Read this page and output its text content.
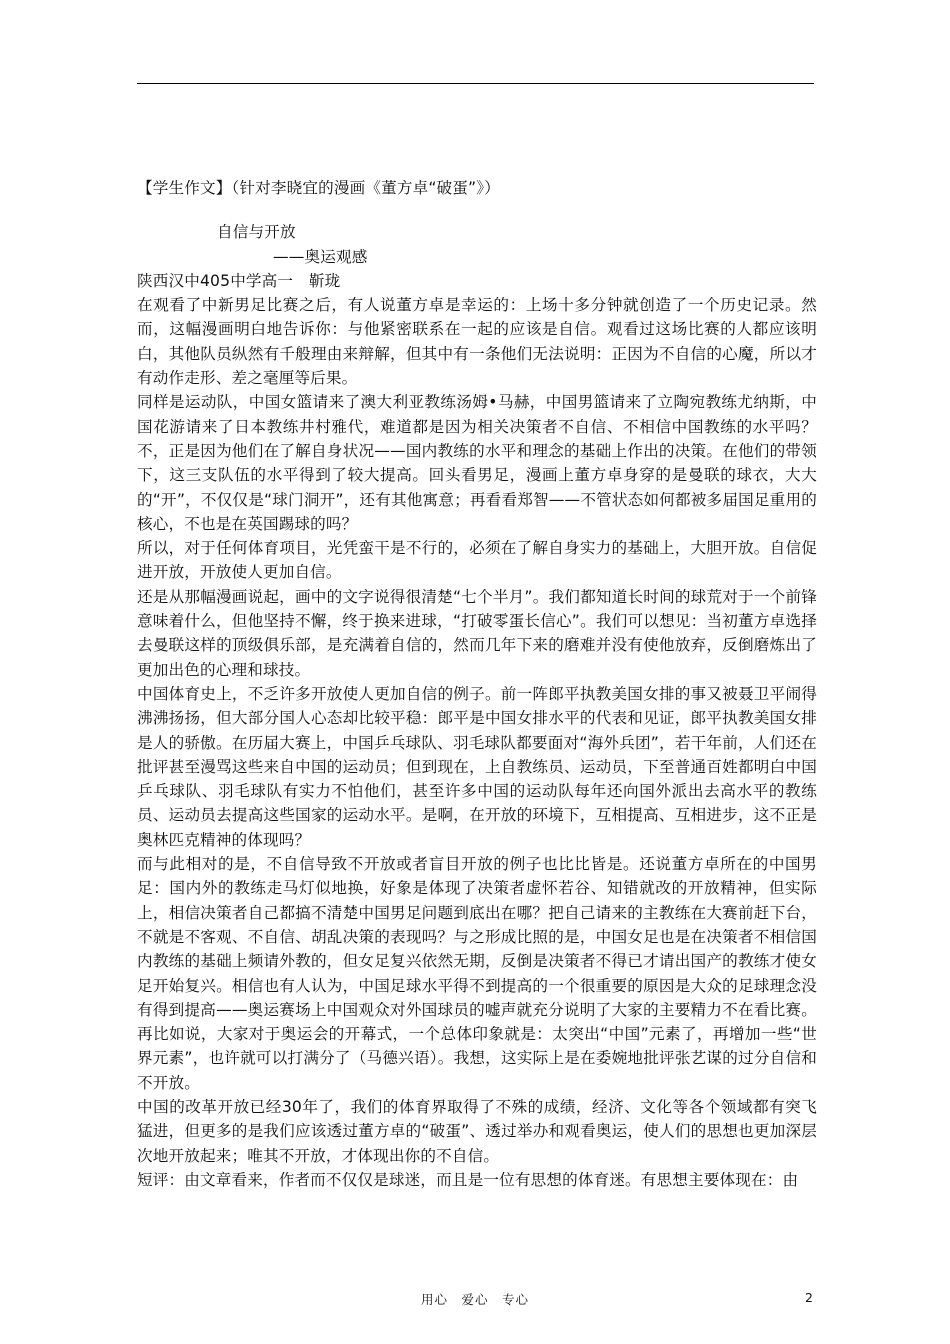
【学生作文】（针对李晓宜的漫画《董方卓“破蛋”》）

自信与开放

——奥运观感

陕西汉中405中学高一　靳珑

在观看了中新男足比赛之后，有人说董方卓是幸运的：上场十多分钟就创造了一个历史记录。然而，这幅漫画明白地告诉你：与他紧密联系在一起的应该是自信。观看过这场比赛的人都应该明白，其他队员纵然有千般理由来辩解，但其中有一条他们无法说明：正因为不自信的心魔，所以才有动作走形、差之毫厘等后果。

同样是运动队，中国女篮请来了澳大利亚教练汤姆•马赫，中国男篮请来了立陶宛教练尤纳斯，中国花游请来了日本教练井村雅代，难道都是因为相关决策者不自信、不相信中国教练的水平吗？不，正是因为他们在了解自身状况——国内教练的水平和理念的基础上作出的决策。在他们的带领下，这三支队伍的水平得到了较大提高。回头看男足，漫画上董方卓身穿的是曼联的球衣，大大的“开”，不仅仅是“球门洞开”，还有其他寓意；再看看郑智——不管状态如何都被多届国足重用的核心，不也是在英国踢球的吗？

所以，对于任何体育项目，光凭蛮干是不行的，必须在了解自身实力的基础上，大胆开放。自信促进开放，开放使人更加自信。

还是从那幅漫画说起，画中的文字说得很清楚“七个半月”。我们都知道长时间的球荒对于一个前锋意味着什么，但他坚持不懈，终于换来进球，“打破零蛋长信心”。我们可以想见：当初董方卓选择去曼联这样的顶级俱乐部，是充满着自信的，然而几年下来的磨难并没有使他放弃，反倒磨炼出了更加出色的心理和球技。

中国体育史上，不乏许多开放使人更加自信的例子。前一阵郎平执教美国女排的事又被聂卫平闹得沸沸扬扬，但大部分国人心态却比较平稳：郎平是中国女排水平的代表和见证，郎平执教美国女排是人的骄傲。在历届大赛上，中国乒乓球队、羽毛球队都要面对“海外兵团”，若干年前，人们还在批评甚至漫骂这些来自中国的运动员；但到现在，上自教练员、运动员，下至普通百姓都明白中国乒乓球队、羽毛球队有实力不怕他们，甚至许多中国的运动队每年还向国外派出去高水平的教练员、运动员去提高这些国家的运动水平。是啊，在开放的环境下，互相提高、互相进步，这不正是奥林匹克精神的体现吗？

而与此相对的是，不自信导致不开放或者盲目开放的例子也比比皆是。还说董方卓所在的中国男足：国内外的教练走马灯似地换，好象是体现了决策者虚怀若谷、知错就改的开放精神，但实际上，相信决策者自己都搞不清楚中国男足问题到底出在哪？把自己请来的主教练在大赛前赶下台，不就是不客观、不自信、胡乱决策的表现吗？与之形成比照的是，中国女足也是在决策者不相信国内教练的基础上频请外教的，但女足复兴依然无期，反倒是决策者不得已才请出国产的教练才使女足开始复兴。相信也有人认为，中国足球水平得不到提高的一个很重要的原因是大众的足球理念没有得到提高——奥运赛场上中国观众对外国球员的嘘声就充分说明了大家的主要精力不在看比赛。再比如说，大家对于奥运会的开幕式，一个总体印象就是：太突出“中国”元素了，再增加一些“世界元素”，也许就可以打满分了（马德兴语）。我想，这实际上是在委婉地批评张艺谋的过分自信和不开放。

中国的改革开放已经30年了，我们的体育界取得了不殊的成绩，经济、文化等各个领域都有突飞猛进，但更多的是我们应该透过董方卓的“破蛋”、透过举办和观看奥运，使人们的思想也更加深层次地开放起来；唯其不开放，才体现出你的不自信。

短评：由文章看来，作者而不仅仅是球迷，而且是一位有思想的体育迷。有思想主要体现在：由

用心　爱心　专心	2
